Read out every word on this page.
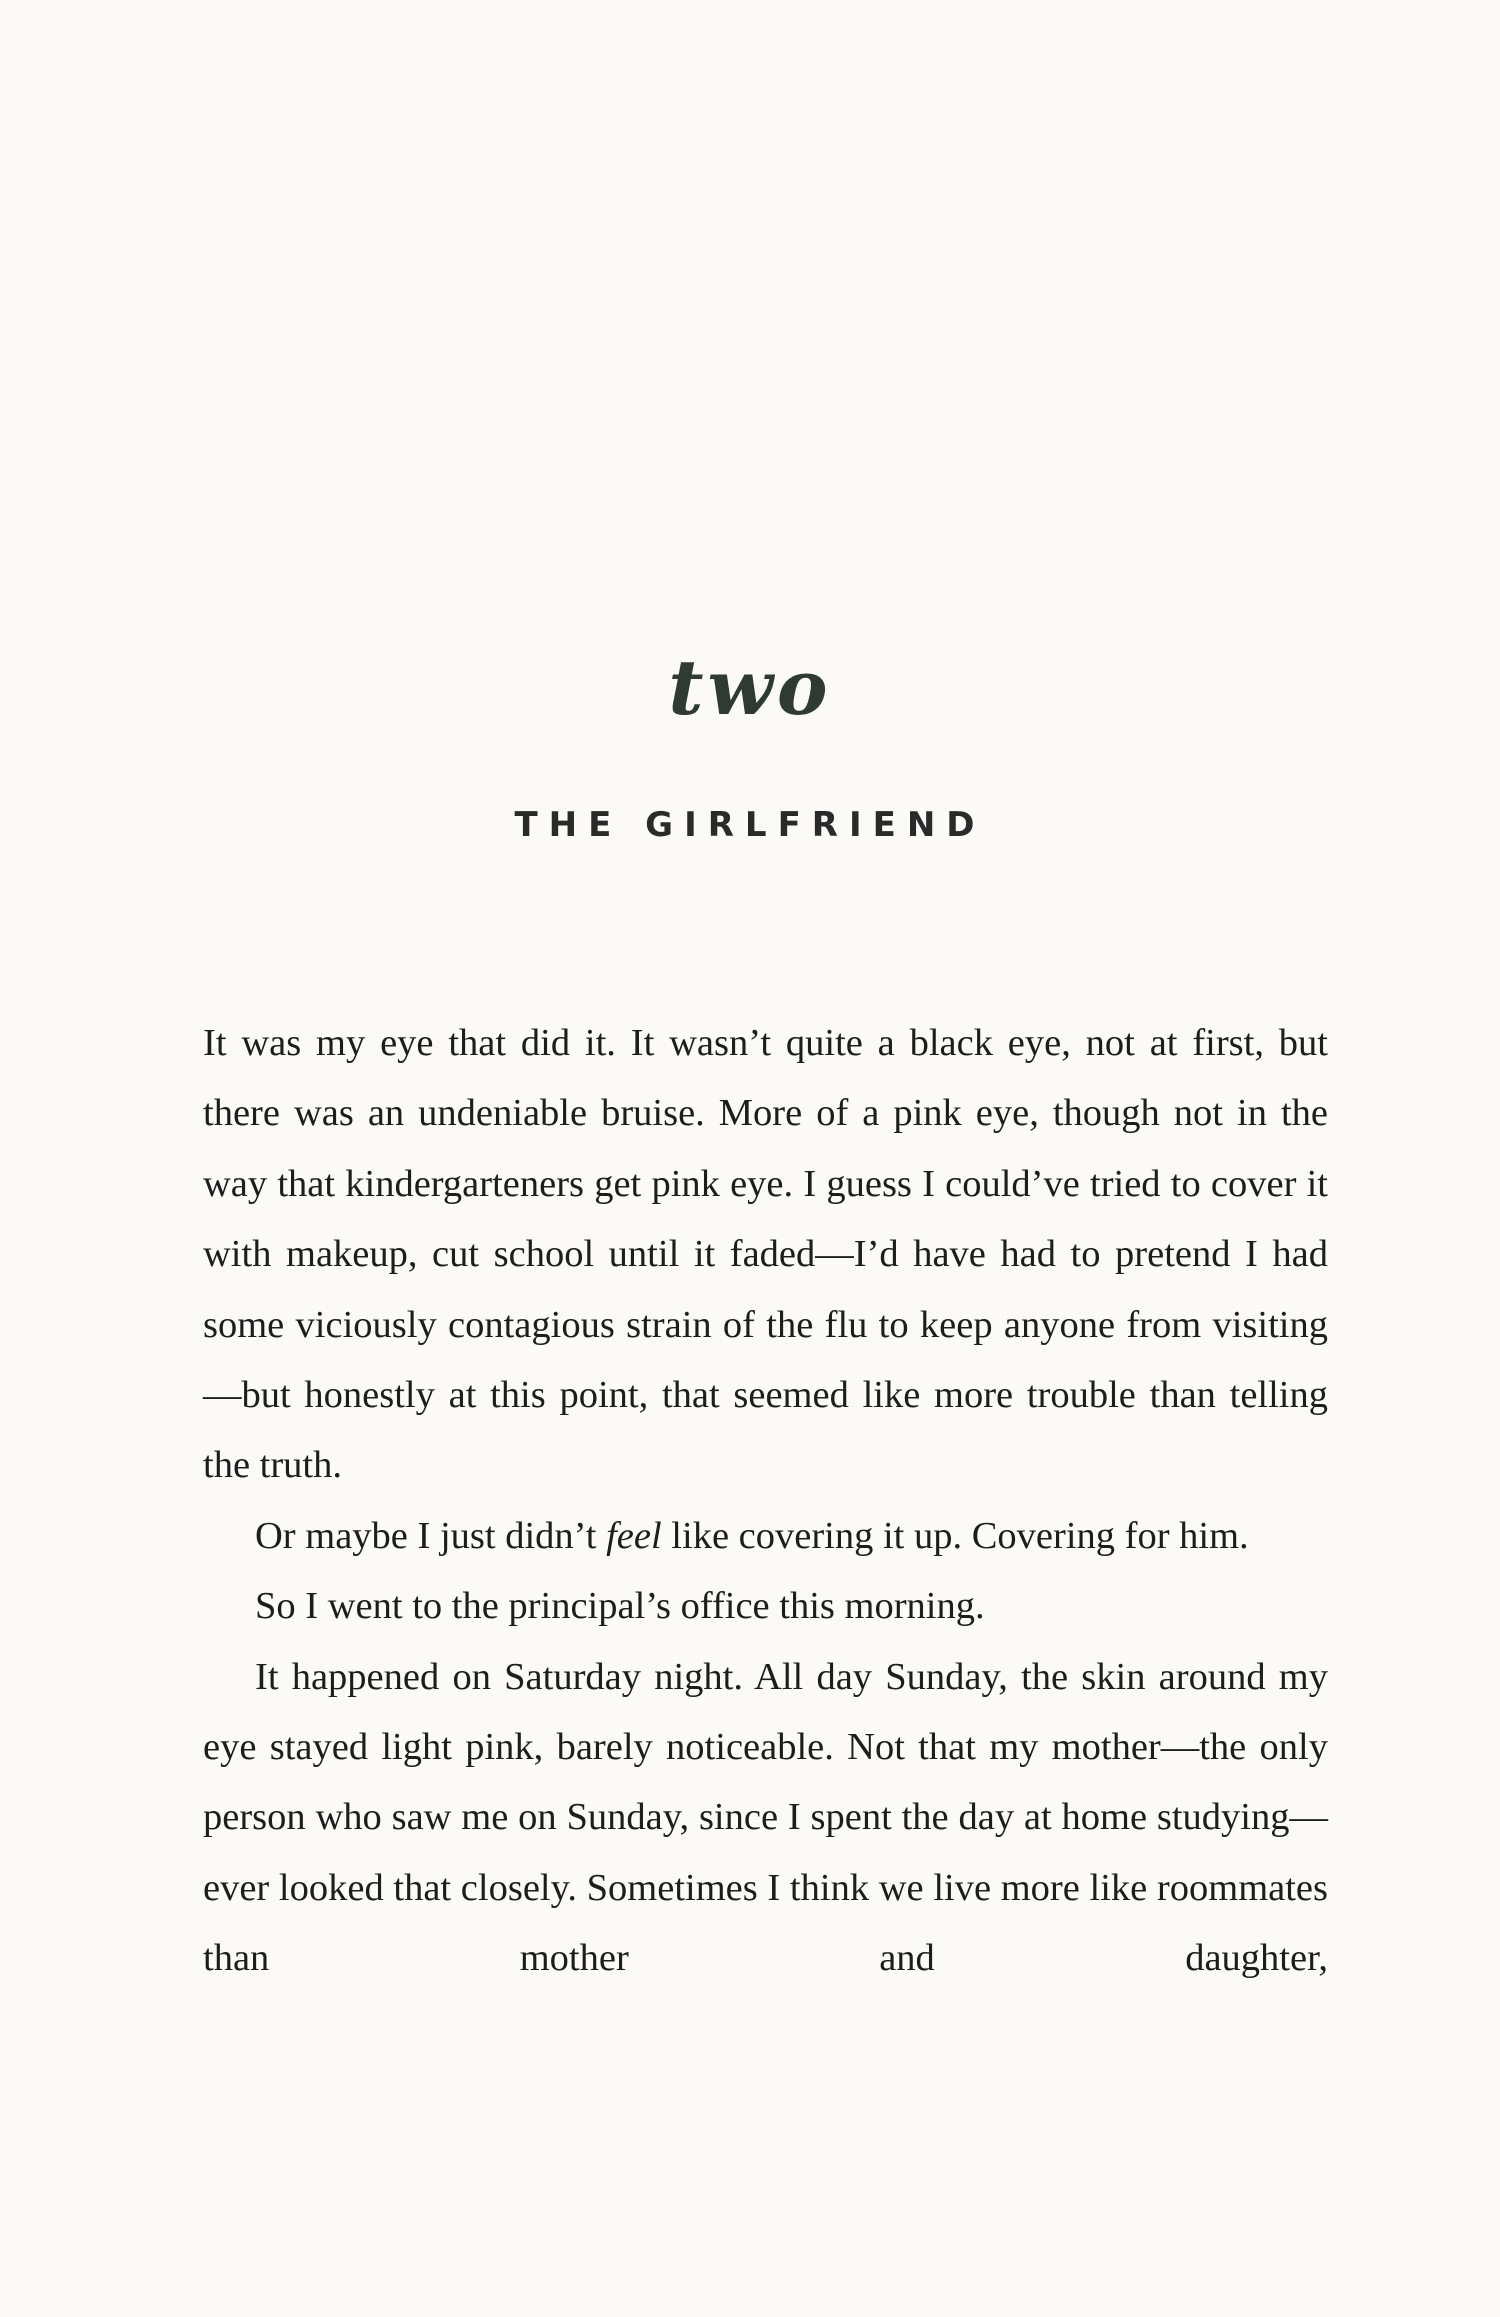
two
THE GIRLFRIEND

It was my eye that did it. It wasn’t quite a black eye, not at first, but there was an undeniable bruise. More of a pink eye, though not in the way that kindergarteners get pink eye. I guess I could’ve tried to cover it with makeup, cut school until it faded—I’d have had to pretend I had some viciously contagious strain of the flu to keep anyone from visiting—but honestly at this point, that seemed like more trouble than telling the truth.

Or maybe I just didn’t feel like covering it up. Covering for him.

So I went to the principal’s office this morning.

It happened on Saturday night. All day Sunday, the skin around my eye stayed light pink, barely noticeable. Not that my mother—the only person who saw me on Sunday, since I spent the day at home studying—ever looked that closely. Sometimes I think we live more like roommates than mother and daughter,
